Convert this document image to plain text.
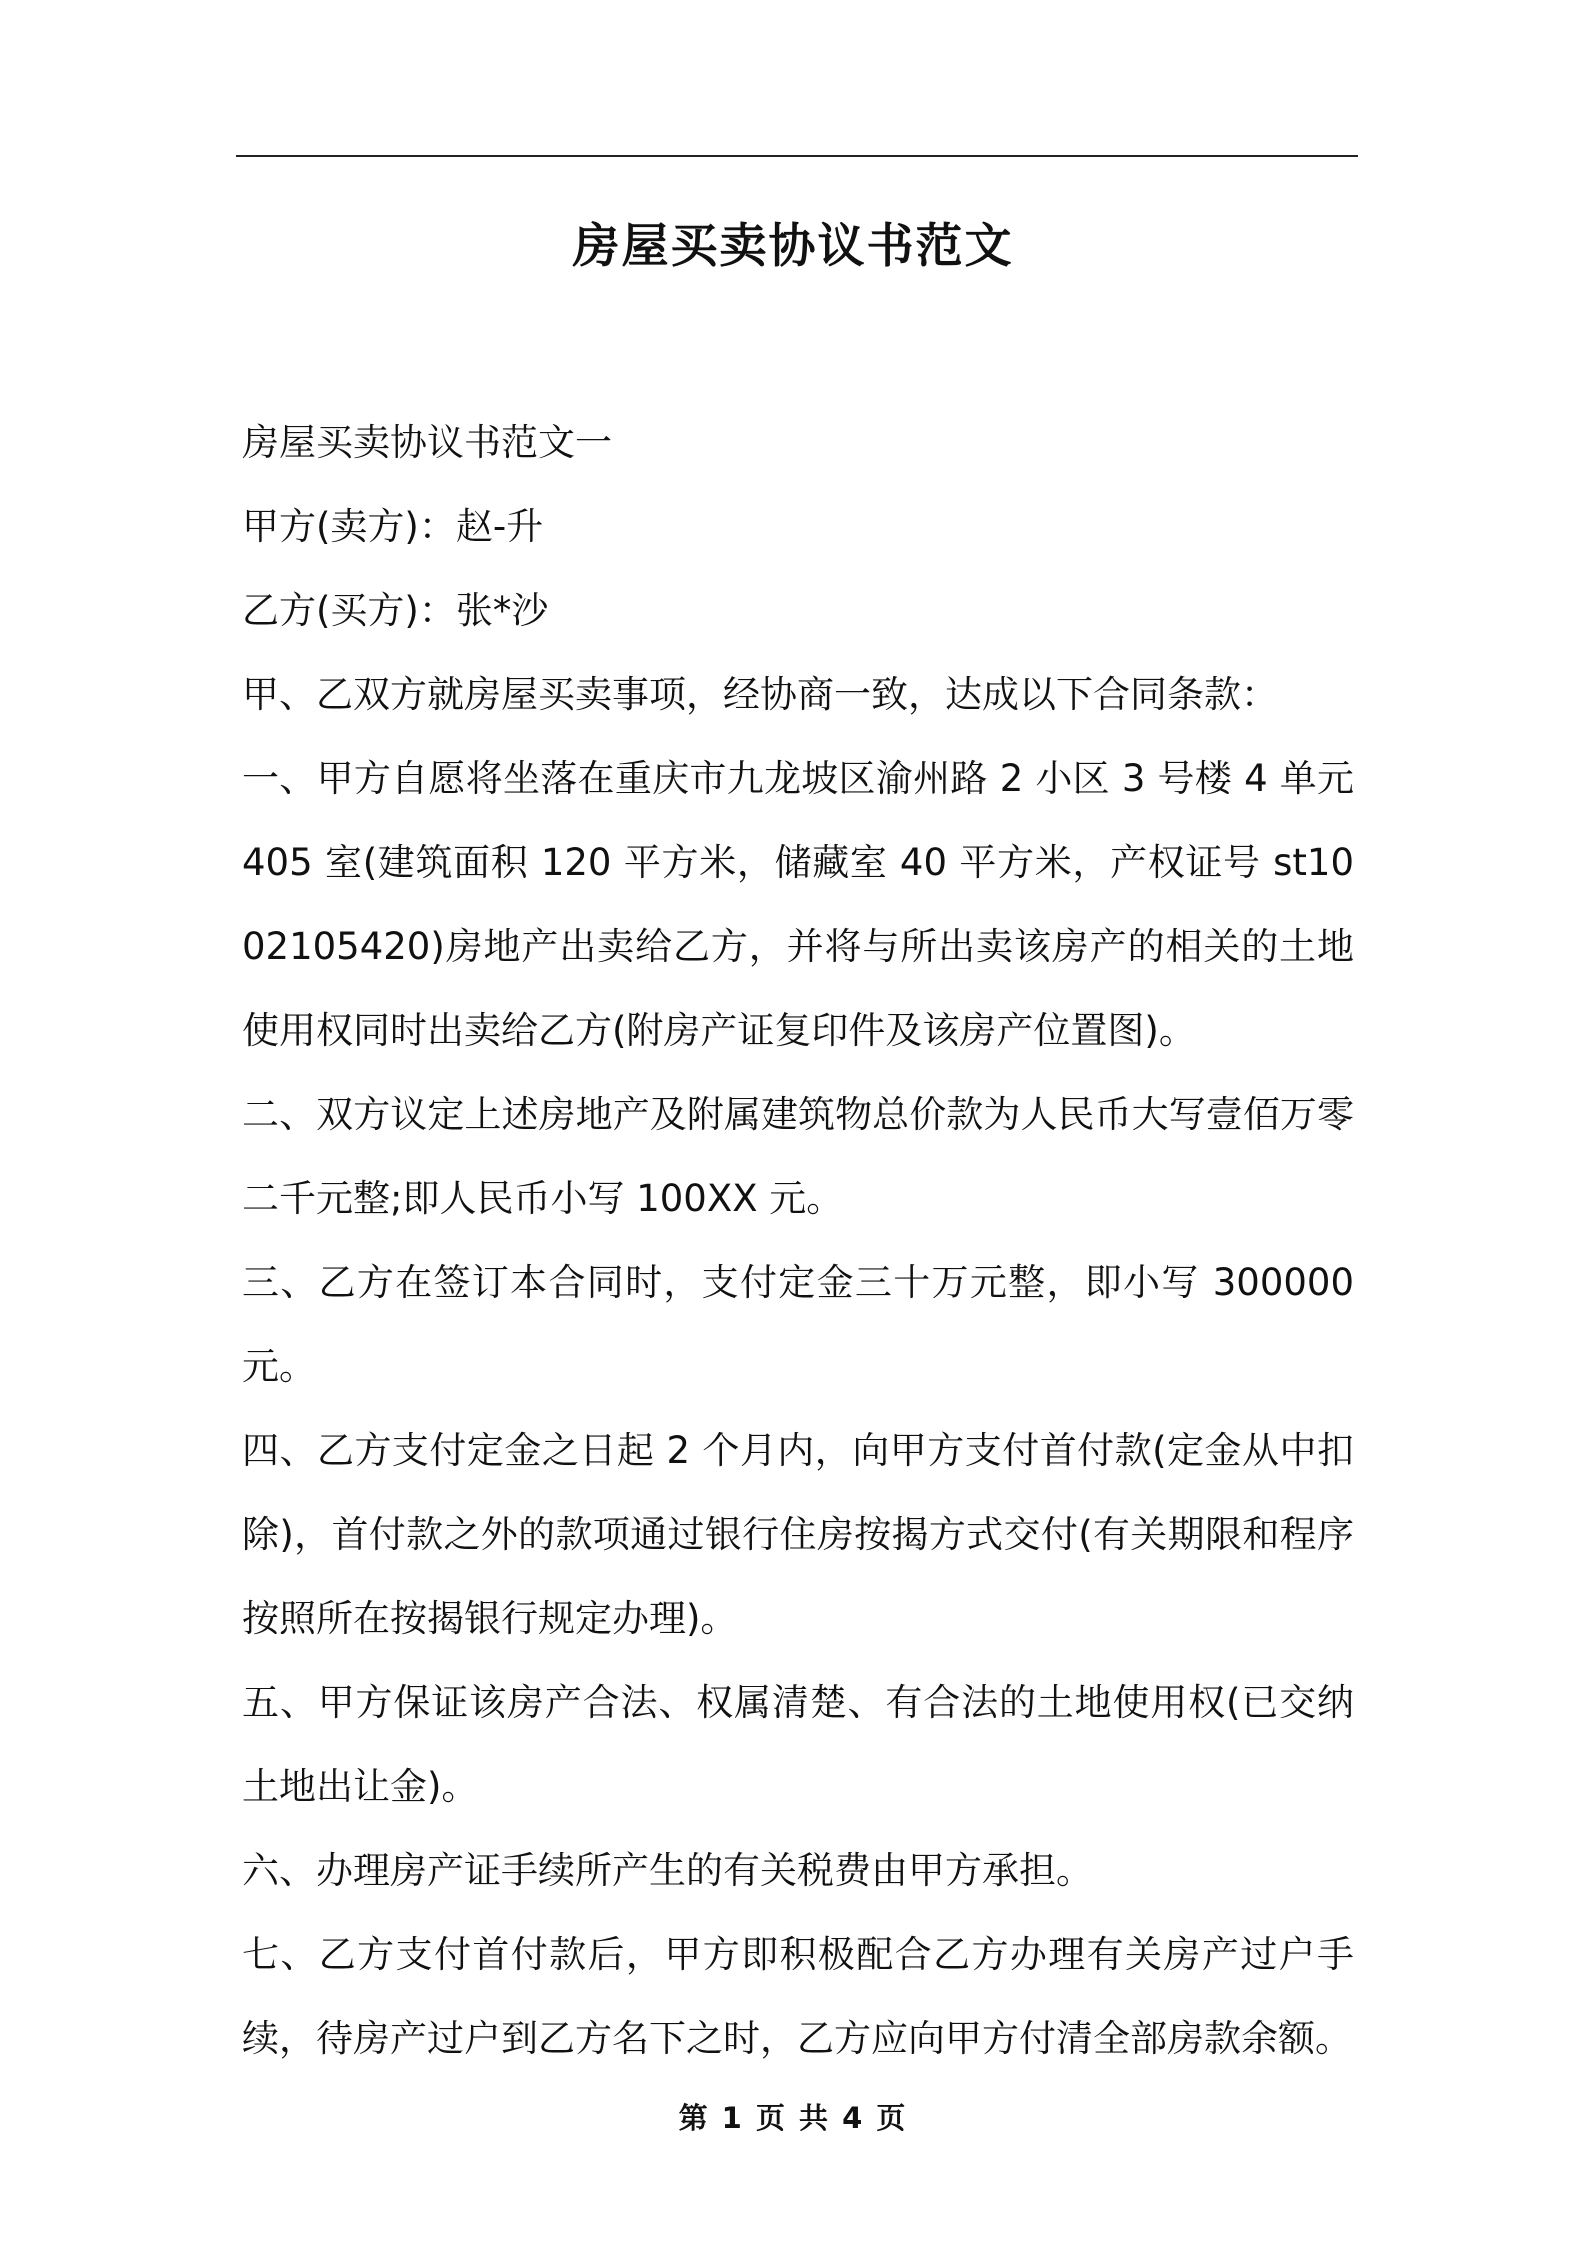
房屋买卖协议书范文

房屋买卖协议书范文一

甲方(卖方)：赵-升

乙方(买方)：张*沙

甲、乙双方就房屋买卖事项，经协商一致，达成以下合同条款：

一、甲方自愿将坐落在重庆市九龙坡区渝州路 2 小区 3 号楼 4 单元 405 室(建筑面积 120 平方米，储藏室 40 平方米，产权证号 st1002105420)房地产出卖给乙方，并将与所出卖该房产的相关的土地使用权同时出卖给乙方(附房产证复印件及该房产位置图)。

二、双方议定上述房地产及附属建筑物总价款为人民币大写壹佰万零二千元整;即人民币小写 100XX 元。

三、乙方在签订本合同时，支付定金三十万元整，即小写 300000 元。

四、乙方支付定金之日起 2 个月内，向甲方支付首付款(定金从中扣除)，首付款之外的款项通过银行住房按揭方式交付(有关期限和程序按照所在按揭银行规定办理)。

五、甲方保证该房产合法、权属清楚、有合法的土地使用权(已交纳土地出让金)。

六、办理房产证手续所产生的有关税费由甲方承担。

七、乙方支付首付款后，甲方即积极配合乙方办理有关房产过户手续，待房产过户到乙方名下之时，乙方应向甲方付清全部房款余额。

第 1 页 共 4 页
